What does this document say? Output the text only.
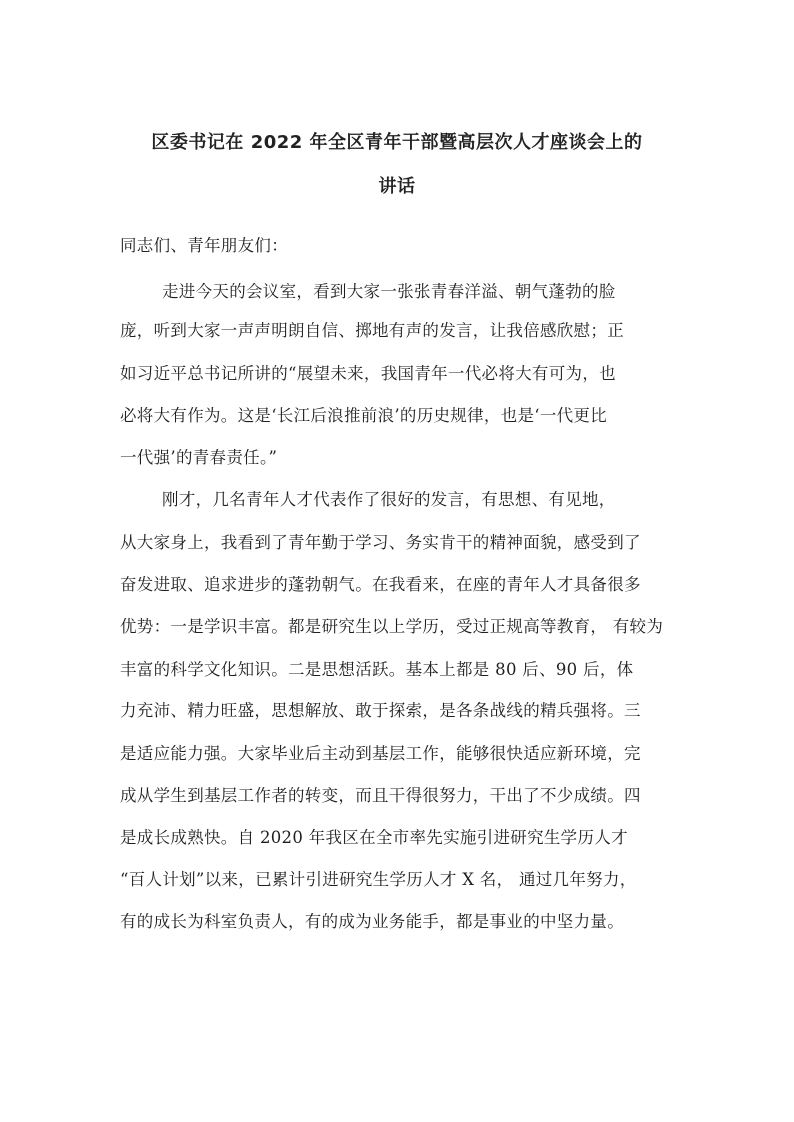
区委书记在 2022 年全区青年干部暨高层次人才座谈会上的
讲话
同志们、青年朋友们：
走进今天的会议室，看到大家一张张青春洋溢、朝气蓬勃的脸
庞，听到大家一声声明朗自信、掷地有声的发言，让我倍感欣慰；正
如习近平总书记所讲的“展望未来，我国青年一代必将大有可为，也
必将大有作为。这是‘长江后浪推前浪’的历史规律，也是‘一代更比
一代强’的青春责任。”
刚才，几名青年人才代表作了很好的发言，有思想、有见地，
从大家身上，我看到了青年勤于学习、务实肯干的精神面貌，感受到了
奋发进取、追求进步的蓬勃朝气。在我看来，在座的青年人才具备很多
优势：一是学识丰富。都是研究生以上学历，受过正规高等教育， 有较为
丰富的科学文化知识。二是思想活跃。基本上都是 80 后、90 后，体
力充沛、精力旺盛，思想解放、敢于探索，是各条战线的精兵强将。三
是适应能力强。大家毕业后主动到基层工作，能够很快适应新环境，完
成从学生到基层工作者的转变，而且干得很努力，干出了不少成绩。四
是成长成熟快。自 2020 年我区在全市率先实施引进研究生学历人才
“百人计划”以来，已累计引进研究生学历人才 X 名， 通过几年努力，
有的成长为科室负责人，有的成为业务能手，都是事业的中坚力量。
